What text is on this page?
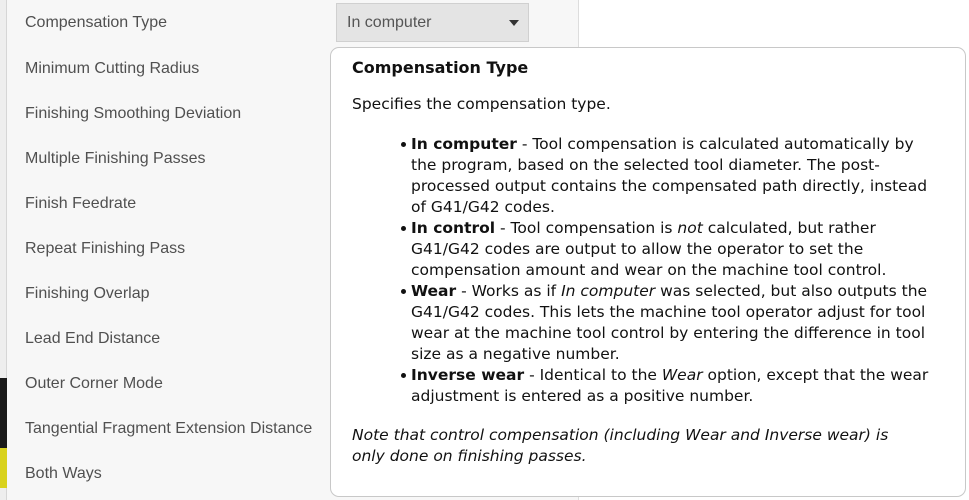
Compensation Type
Minimum Cutting Radius
Finishing Smoothing Deviation
Multiple Finishing Passes
Finish Feedrate
Repeat Finishing Pass
Finishing Overlap
Lead End Distance
Outer Corner Mode
Tangential Fragment Extension Distance
Both Ways
In computer
Compensation Type
Specifies the compensation type.
In computer - Tool compensation is calculated automatically by the program, based on the selected tool diameter. The post-processed output contains the compensated path directly, instead of G41/G42 codes.
In control - Tool compensation is not calculated, but rather G41/G42 codes are output to allow the operator to set the compensation amount and wear on the machine tool control.
Wear - Works as if In computer was selected, but also outputs the G41/G42 codes. This lets the machine tool operator adjust for tool wear at the machine tool control by entering the difference in tool size as a negative number.
Inverse wear - Identical to the Wear option, except that the wear adjustment is entered as a positive number.
Note that control compensation (including Wear and Inverse wear) is only done on finishing passes.
